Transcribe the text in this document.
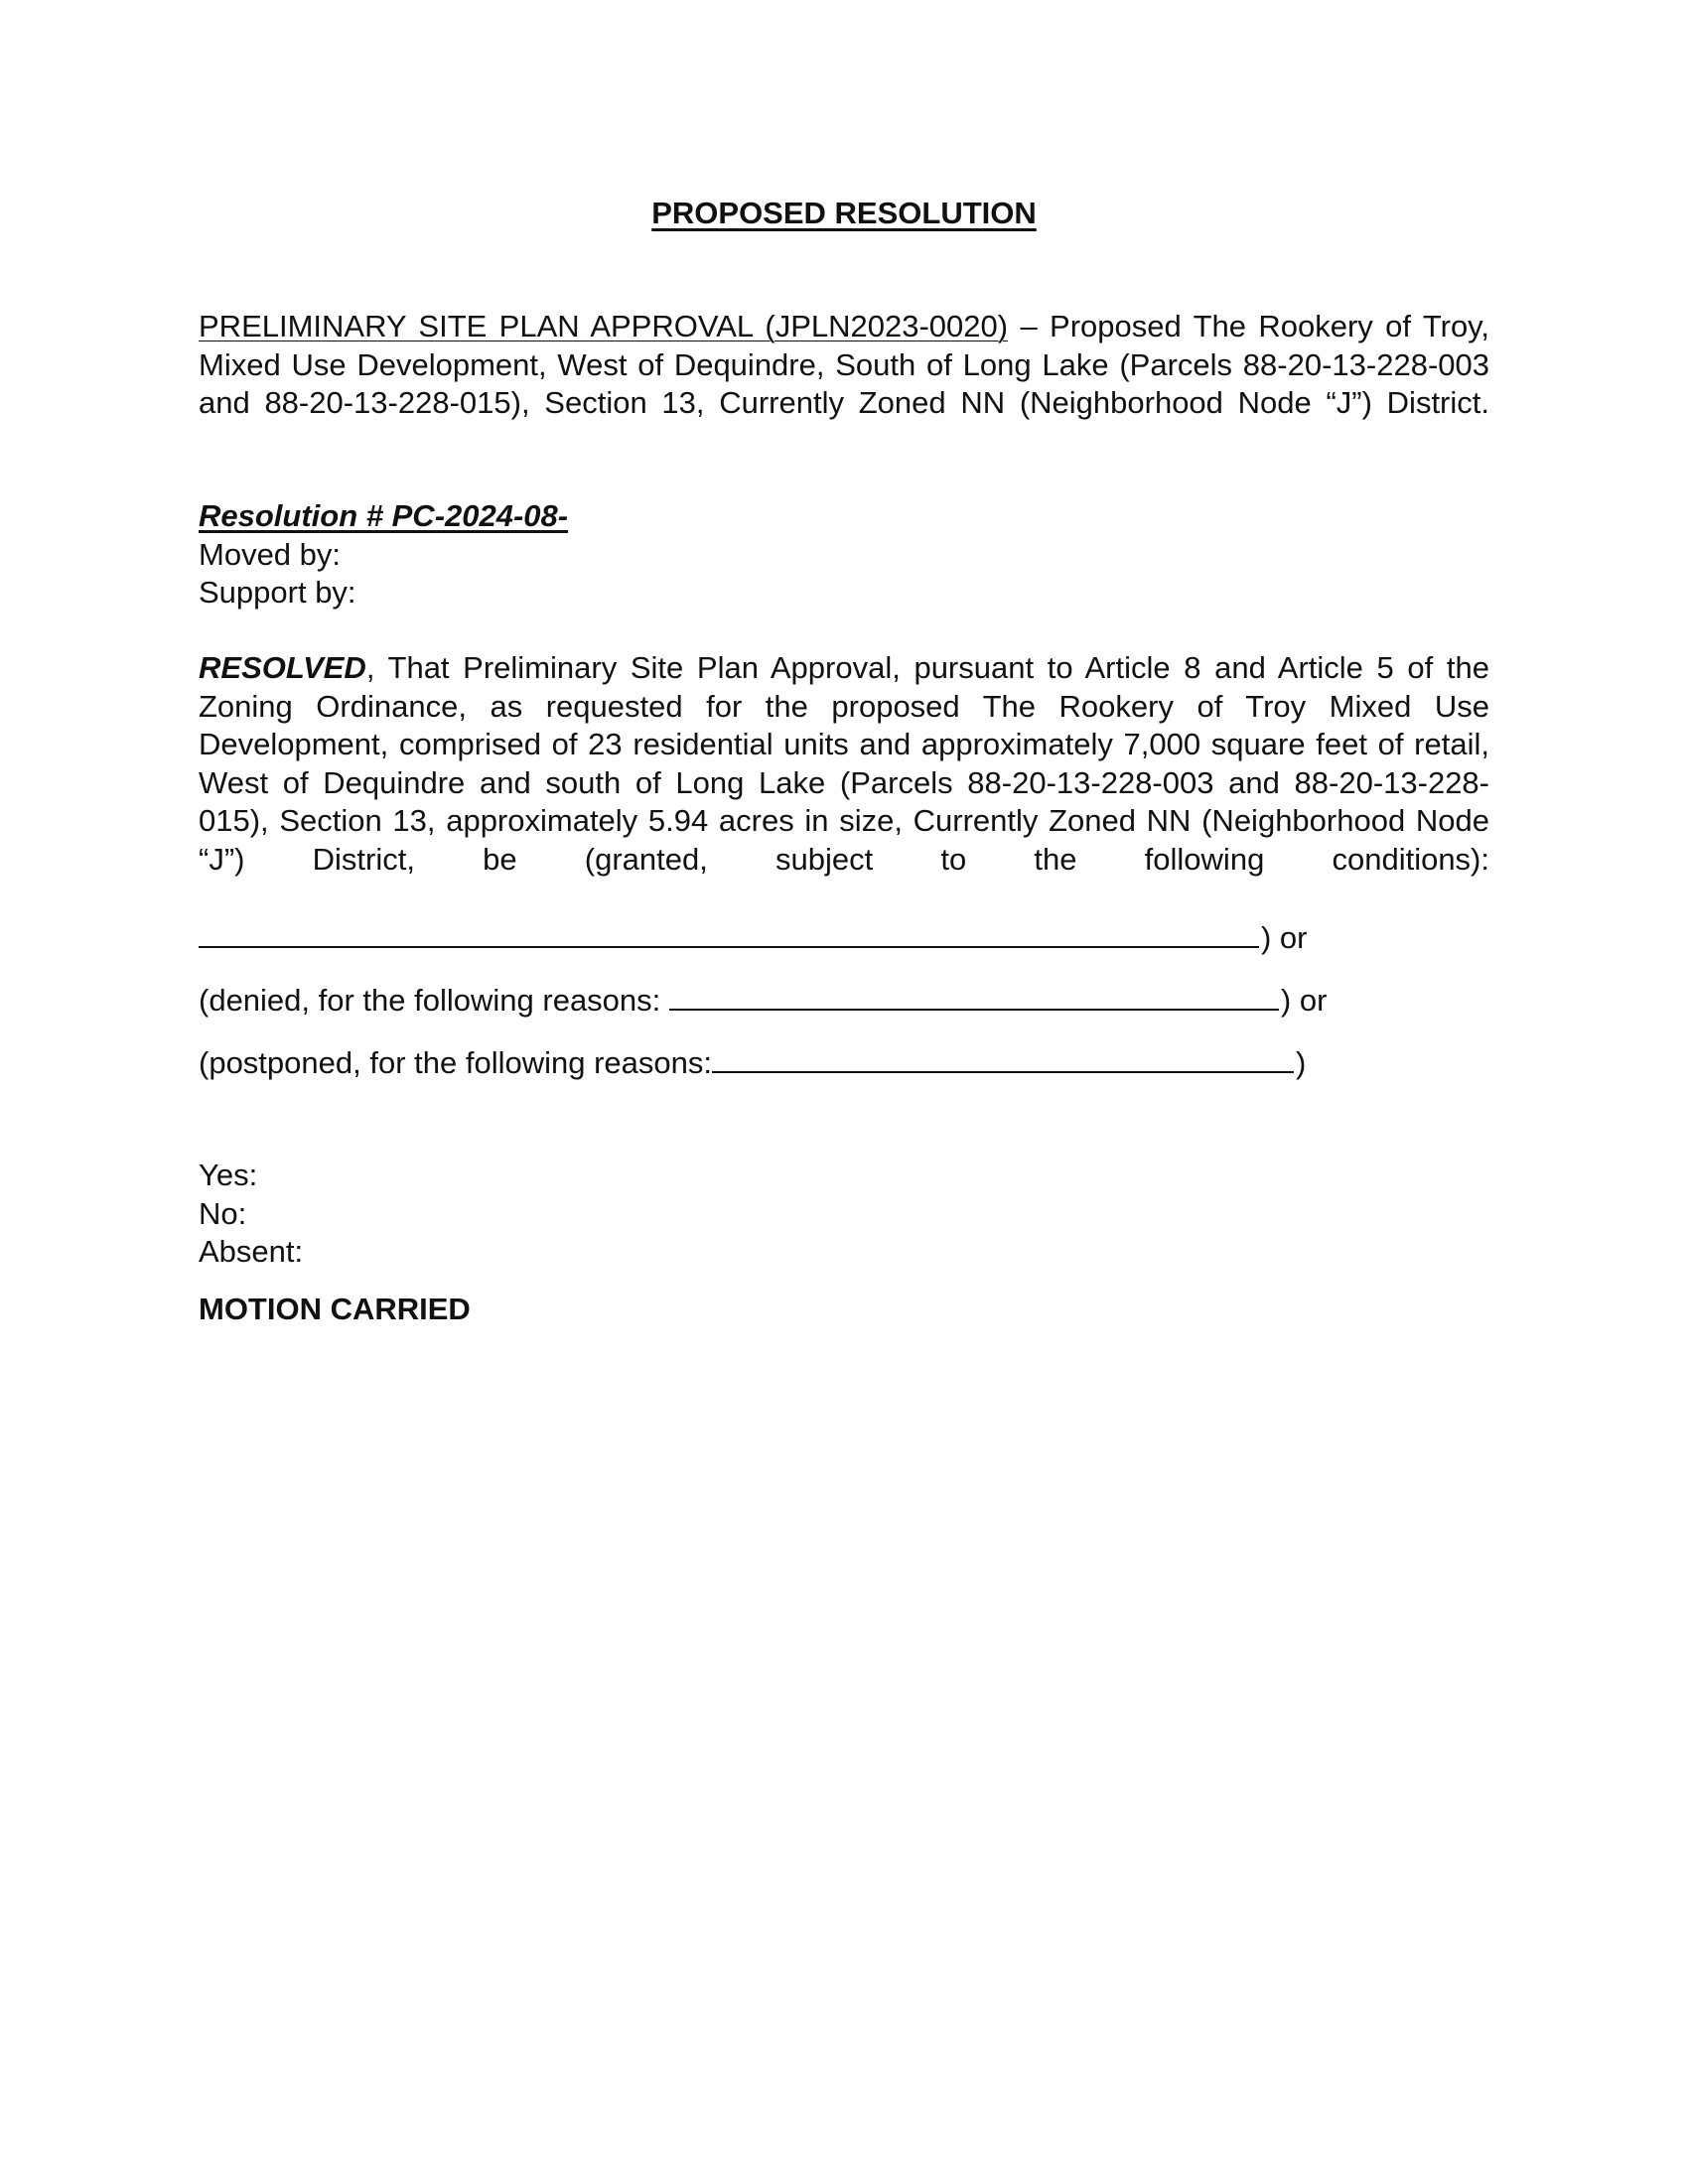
PROPOSED RESOLUTION
PRELIMINARY SITE PLAN APPROVAL (JPLN2023-0020) – Proposed The Rookery of Troy, Mixed Use Development, West of Dequindre, South of Long Lake (Parcels 88-20-13-228-003 and 88-20-13-228-015), Section 13, Currently Zoned NN (Neighborhood Node “J”) District.
Resolution # PC-2024-08-
Moved by:
Support by:
RESOLVED, That Preliminary Site Plan Approval, pursuant to Article 8 and Article 5 of the Zoning Ordinance, as requested for the proposed The Rookery of Troy Mixed Use Development, comprised of 23 residential units and approximately 7,000 square feet of retail, West of Dequindre and south of Long Lake (Parcels 88-20-13-228-003 and 88-20-13-228-015), Section 13, approximately 5.94 acres in size, Currently Zoned NN (Neighborhood Node “J”) District, be (granted, subject to the following conditions):
) or
(denied, for the following reasons:	) or
(postponed, for the following reasons:	)
Yes:
No:
Absent:
MOTION CARRIED
